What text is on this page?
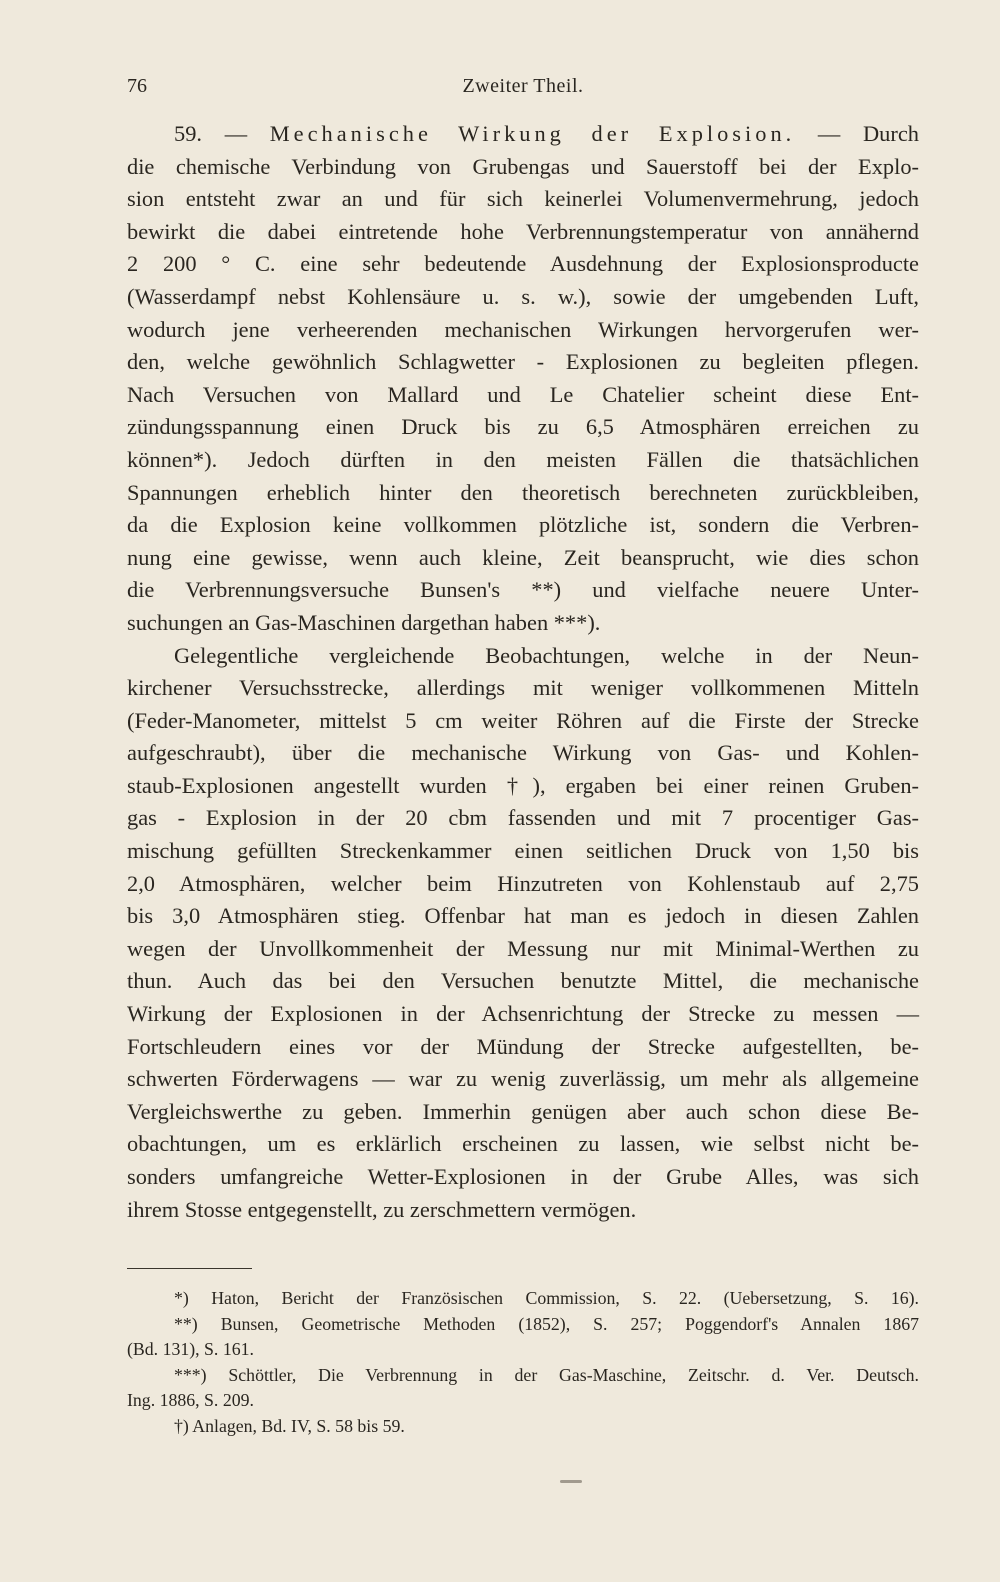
76	Zweiter Theil.
59. — Mechanische Wirkung der Explosion. — Durch
die chemische Verbindung von Grubengas und Sauerstoff bei der Explo-
sion entsteht zwar an und für sich keinerlei Volumenvermehrung, jedoch
bewirkt die dabei eintretende hohe Verbrennungstemperatur von annähernd
2 200 ° C. eine sehr bedeutende Ausdehnung der Explosionsproducte
(Wasserdampf nebst Kohlensäure u. s. w.), sowie der umgebenden Luft,
wodurch jene verheerenden mechanischen Wirkungen hervorgerufen wer-
den, welche gewöhnlich Schlagwetter - Explosionen zu begleiten pflegen.
Nach Versuchen von Mallard und Le Chatelier scheint diese Ent-
zündungsspannung einen Druck bis zu 6,5 Atmosphären erreichen zu
können*). Jedoch dürften in den meisten Fällen die thatsächlichen
Spannungen erheblich hinter den theoretisch berechneten zurückbleiben,
da die Explosion keine vollkommen plötzliche ist, sondern die Verbren-
nung eine gewisse, wenn auch kleine, Zeit beansprucht, wie dies schon
die Verbrennungsversuche Bunsen's **) und vielfache neuere Unter-
suchungen an Gas-Maschinen dargethan haben ***).
Gelegentliche vergleichende Beobachtungen, welche in der Neun-
kirchener Versuchsstrecke, allerdings mit weniger vollkommenen Mitteln
(Feder-Manometer, mittelst 5 cm weiter Röhren auf die Firste der Strecke
aufgeschraubt), über die mechanische Wirkung von Gas- und Kohlen-
staub-Explosionen angestellt wurden †), ergaben bei einer reinen Gruben-
gas - Explosion in der 20 cbm fassenden und mit 7 procentiger Gas-
mischung gefüllten Streckenkammer einen seitlichen Druck von 1,50 bis
2,0 Atmosphären, welcher beim Hinzutreten von Kohlenstaub auf 2,75
bis 3,0 Atmosphären stieg. Offenbar hat man es jedoch in diesen Zahlen
wegen der Unvollkommenheit der Messung nur mit Minimal-Werthen zu
thun. Auch das bei den Versuchen benutzte Mittel, die mechanische
Wirkung der Explosionen in der Achsenrichtung der Strecke zu messen —
Fortschleudern eines vor der Mündung der Strecke aufgestellten, be-
schwerten Förderwagens — war zu wenig zuverlässig, um mehr als allgemeine
Vergleichswerthe zu geben. Immerhin genügen aber auch schon diese Be-
obachtungen, um es erklärlich erscheinen zu lassen, wie selbst nicht be-
sonders umfangreiche Wetter-Explosionen in der Grube Alles, was sich
ihrem Stosse entgegenstellt, zu zerschmettern vermögen.
*) Haton, Bericht der Französischen Commission, S. 22. (Uebersetzung, S. 16).
**) Bunsen, Geometrische Methoden (1852), S. 257; Poggendorf's Annalen 1867
(Bd. 131), S. 161.
***) Schöttler, Die Verbrennung in der Gas-Maschine, Zeitschr. d. Ver. Deutsch.
Ing. 1886, S. 209.
†) Anlagen, Bd. IV, S. 58 bis 59.
